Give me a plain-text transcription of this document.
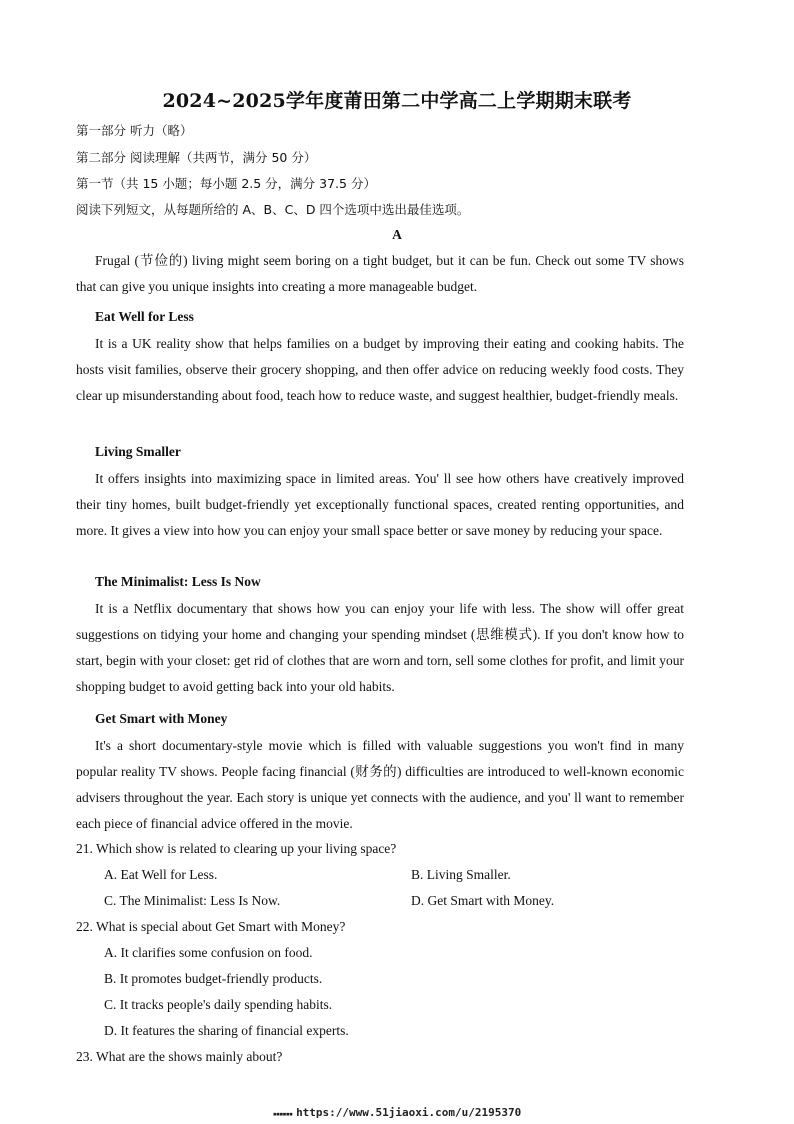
2024~2025学年度莆田第二中学高二上学期期末联考
第一部分 听力（略）
第二部分 阅读理解（共两节，满分 50 分）
第一节（共 15 小题；每小题 2.5 分，满分 37.5 分）
阅读下列短文，从每题所给的 A、B、C、D 四个选项中选出最佳选项。
A

Frugal (节俭的) living might seem boring on a tight budget, but it can be fun. Check out some TV shows that can give you unique insights into creating a more manageable budget.

Eat Well for Less

It is a UK reality show that helps families on a budget by improving their eating and cooking habits. The hosts visit families, observe their grocery shopping, and then offer advice on reducing weekly food costs. They clear up misunderstanding about food, teach how to reduce waste, and suggest healthier, budget-friendly meals.

Living Smaller

It offers insights into maximizing space in limited areas. You' ll see how others have creatively improved their tiny homes, built budget-friendly yet exceptionally functional spaces, created renting opportunities, and more. It gives a view into how you can enjoy your small space better or save money by reducing your space.

The Minimalist: Less Is Now

It is a Netflix documentary that shows how you can enjoy your life with less. The show will offer great suggestions on tidying your home and changing your spending mindset (思维模式). If you don't know how to start, begin with your closet: get rid of clothes that are worn and torn, sell some clothes for profit, and limit your shopping budget to avoid getting back into your old habits.

Get Smart with Money

It's a short documentary-style movie which is filled with valuable suggestions you won't find in many popular reality TV shows. People facing financial (财务的) difficulties are introduced to well-known economic advisers throughout the year. Each story is unique yet connects with the audience, and you' ll want to remember each piece of financial advice offered in the movie.

21. Which show is related to clearing up your living space?
A. Eat Well for Less.	B. Living Smaller.
C. The Minimalist: Less Is Now.	D. Get Smart with Money.
22. What is special about Get Smart with Money?
A. It clarifies some confusion on food.
B. It promotes budget-friendly products.
C. It tracks people's daily spending habits.
D. It features the sharing of financial experts.
23. What are the shows mainly about?
▪▪▪▪▪▪ https://www.51jiaoxi.com/u/2195370
